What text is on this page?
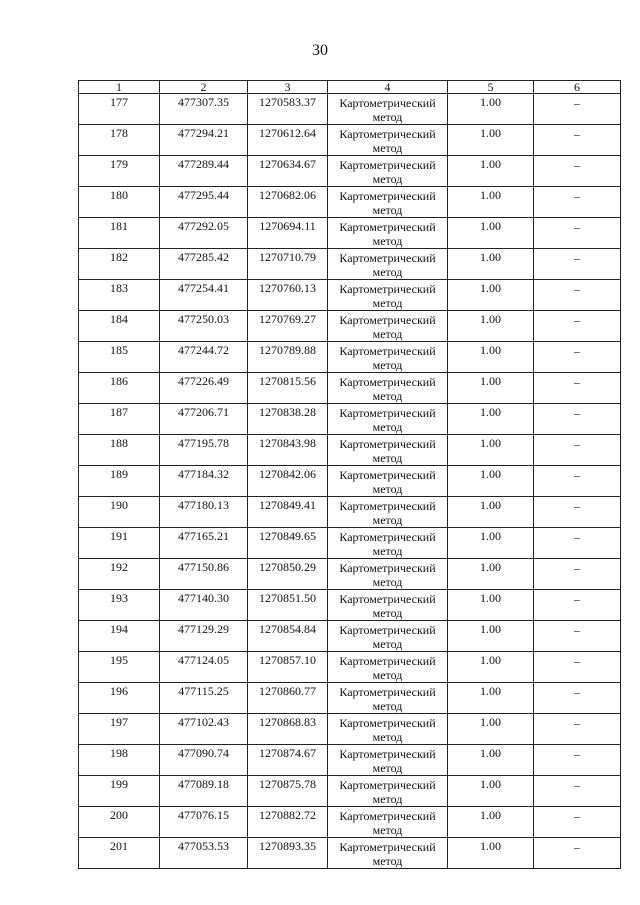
30
1	2	3	4	5	6

177	477307.35	1270583.37	Картометрический метод	1.00	–

178	477294.21	1270612.64	Картометрический метод	1.00	–

179	477289.44	1270634.67	Картометрический метод	1.00	–

180	477295.44	1270682.06	Картометрический метод	1.00	–

181	477292.05	1270694.11	Картометрический метод	1.00	–

182	477285.42	1270710.79	Картометрический метод	1.00	–

183	477254.41	1270760.13	Картометрический метод	1.00	–

184	477250.03	1270769.27	Картометрический метод	1.00	–

185	477244.72	1270789.88	Картометрический метод	1.00	–

186	477226.49	1270815.56	Картометрический метод	1.00	–

187	477206.71	1270838.28	Картометрический метод	1.00	–

188	477195.78	1270843.98	Картометрический метод	1.00	–

189	477184.32	1270842.06	Картометрический метод	1.00	–

190	477180.13	1270849.41	Картометрический метод	1.00	–

191	477165.21	1270849.65	Картометрический метод	1.00	–

192	477150.86	1270850.29	Картометрический метод	1.00	–

193	477140.30	1270851.50	Картометрический метод	1.00	–

194	477129.29	1270854.84	Картометрический метод	1.00	–

195	477124.05	1270857.10	Картометрический метод	1.00	–

196	477115.25	1270860.77	Картометрический метод	1.00	–

197	477102.43	1270868.83	Картометрический метод	1.00	–

198	477090.74	1270874.67	Картометрический метод	1.00	–

199	477089.18	1270875.78	Картометрический метод	1.00	–

200	477076.15	1270882.72	Картометрический метод	1.00	–

201	477053.53	1270893.35	Картометрический метод	1.00	–
